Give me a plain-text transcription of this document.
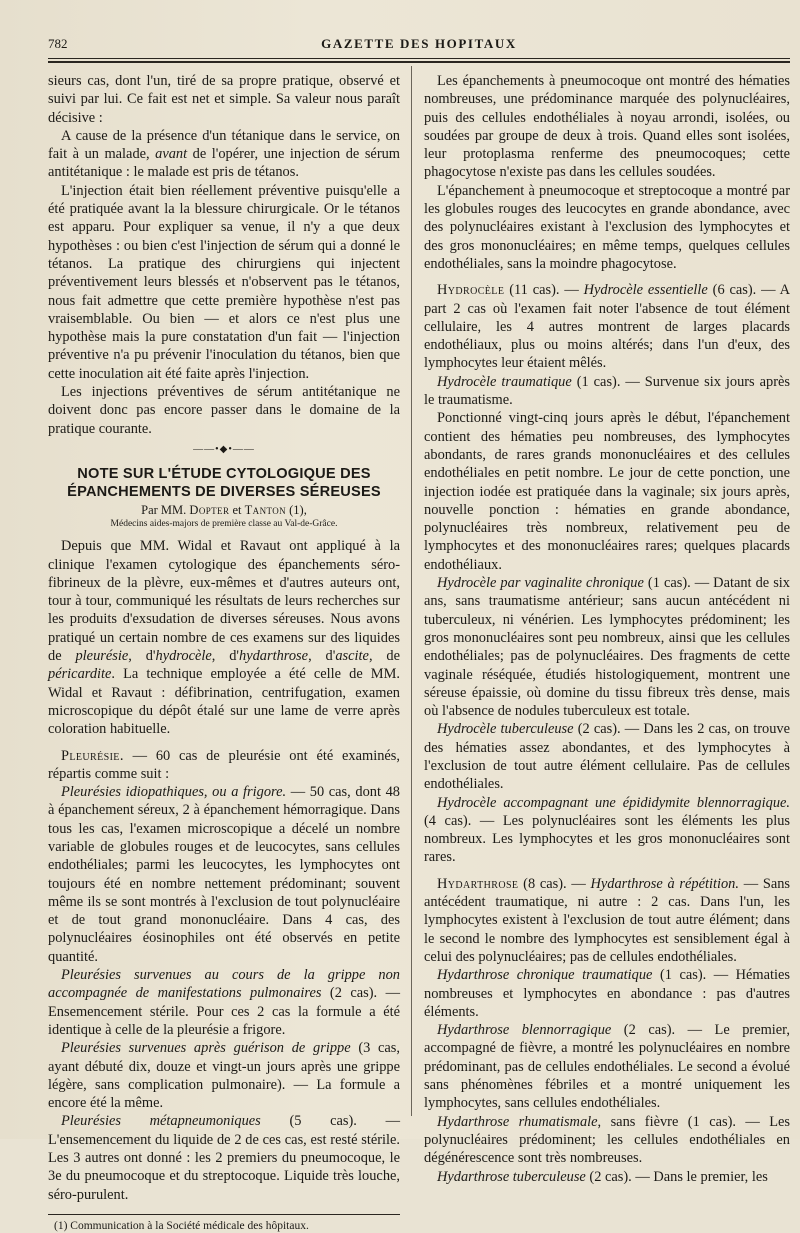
782	GAZETTE DES HOPITAUX

sieurs cas, dont l'un, tiré de sa propre pratique, observé et suivi par lui. Ce fait est net et simple. Sa valeur nous paraît décisive :

A cause de la présence d'un tétanique dans le service, on fait à un malade, avant de l'opérer, une injection de sérum antitétanique : le malade est pris de tétanos.

L'injection était bien réellement préventive puisqu'elle a été pratiquée avant la la blessure chirurgicale. Or le tétanos est apparu. Pour expliquer sa venue, il n'y a que deux hypothèses : ou bien c'est l'injection de sérum qui a donné le tétanos. La pratique des chirurgiens qui injectent préventivement leurs blessés et n'observent pas le tétanos, nous fait admettre que cette première hypothèse n'est pas vraisemblable. Ou bien — et alors ce n'est plus une hypothèse mais la pure constatation d'un fait — l'injection préventive n'a pu prévenir l'inoculation du tétanos, bien que cette inoculation ait été faite après l'injection.

Les injections préventives de sérum antitétanique ne doivent donc pas encore passer dans le domaine de la pratique courante.

——•◆•——
NOTE SUR L'ÉTUDE CYTOLOGIQUE DES ÉPANCHEMENTS DE DIVERSES SÉREUSES
Par MM. Dopter et Tanton (1),
Médecins aides-majors de première classe au Val-de-Grâce.

Depuis que MM. Widal et Ravaut ont appliqué à la clinique l'examen cytologique des épanchements séro-fibrineux de la plèvre, eux-mêmes et d'autres auteurs ont, tour à tour, communiqué les résultats de leurs recherches sur les produits d'exsudation de diverses séreuses. Nous avons pratiqué un certain nombre de ces examens sur des liquides de pleurésie, d'hydrocèle, d'hydarthrose, d'ascite, de péricardite. La technique employée a été celle de MM. Widal et Ravaut : défibrination, centrifugation, examen microscopique du dépôt étalé sur une lame de verre après coloration habituelle.

Pleurésie. — 60 cas de pleurésie ont été examinés, répartis comme suit :

Pleurésies idiopathiques, ou a frigore. — 50 cas, dont 48 à épanchement séreux, 2 à épanchement hémorragique. Dans tous les cas, l'examen microscopique a décelé un nombre variable de globules rouges et de leucocytes, sans cellules endothéliales; parmi les leucocytes, les lymphocytes ont toujours été en nombre nettement prédominant; souvent même ils se sont montrés à l'exclusion de tout polynucléaire et de tout grand mononucléaire. Dans 4 cas, des polynucléaires éosinophiles ont été observés en petite quantité.

Pleurésies survenues au cours de la grippe non accompagnée de manifestations pulmonaires (2 cas). — Ensemencement stérile. Pour ces 2 cas la formule a été identique à celle de la pleurésie a frigore.

Pleurésies survenues après guérison de grippe (3 cas, ayant débuté dix, douze et vingt-un jours après une grippe légère, sans complication pulmonaire). — La formule a encore été la même.

Pleurésies métapneumoniques (5 cas). — L'ensemencement du liquide de 2 de ces cas, est resté stérile. Les 3 autres ont donné : les 2 premiers du pneumocoque, le 3e du pneumocoque et du streptocoque. Liquide très louche, séro-purulent.

(1) Communication à la Société médicale des hôpitaux.

Les épanchements à pneumocoque ont montré des hématies nombreuses, une prédominance marquée des polynucléaires, puis des cellules endothéliales à noyau arrondi, isolées, ou soudées par groupe de deux à trois. Quand elles sont isolées, leur protoplasma renferme des pneumocoques; cette phagocytose n'existe pas dans les cellules soudées.

L'épanchement à pneumocoque et streptocoque a montré par les globules rouges des leucocytes en grande abondance, avec des polynucléaires existant à l'exclusion des lymphocytes et des gros mononucléaires; en même temps, quelques cellules endothéliales, sans la moindre phagocytose.

Hydrocèle (11 cas). — Hydrocèle essentielle (6 cas). — A part 2 cas où l'examen fait noter l'absence de tout élément cellulaire, les 4 autres montrent de larges placards endothéliaux, plus ou moins altérés; dans l'un d'eux, des lymphocytes leur étaient mêlés.

Hydrocèle traumatique (1 cas). — Survenue six jours après le traumatisme.

Ponctionné vingt-cinq jours après le début, l'épanchement contient des hématies peu nombreuses, des lymphocytes abondants, de rares grands mononucléaires et des cellules endothéliales en petit nombre. Le jour de cette ponction, une injection iodée est pratiquée dans la vaginale; six jours après, nouvelle ponction : hématies en grande abondance, polynucléaires très nombreux, relativement peu de lymphocytes et des mononucléaires rares; quelques placards endothéliaux.

Hydrocèle par vaginalite chronique (1 cas). — Datant de six ans, sans traumatisme antérieur; sans aucun antécédent ni tuberculeux, ni vénérien. Les lymphocytes prédominent; les gros mononucléaires sont peu nombreux, ainsi que les cellules endothéliales; pas de polynucléaires. Des fragments de cette vaginale réséquée, étudiés histologiquement, montrent une séreuse épaissie, où domine du tissu fibreux très dense, mais où l'absence de nodules tuberculeux est totale.

Hydrocèle tuberculeuse (2 cas). — Dans les 2 cas, on trouve des hématies assez abondantes, et des lymphocytes à l'exclusion de tout autre élément cellulaire. Pas de cellules endothéliales.

Hydrocèle accompagnant une épididymite blennorragique. (4 cas). — Les polynucléaires sont les éléments les plus nombreux. Les lymphocytes et les gros mononucléaires sont rares.

Hydarthrose (8 cas). — Hydarthrose à répétition. — Sans antécédent traumatique, ni autre : 2 cas. Dans l'un, les lymphocytes existent à l'exclusion de tout autre élément; dans le second le nombre des lymphocytes est sensiblement égal à celui des polynucléaires; pas de cellules endothéliales.

Hydarthrose chronique traumatique (1 cas). — Hématies nombreuses et lymphocytes en abondance : pas d'autres éléments.

Hydarthrose blennorragique (2 cas). — Le premier, accompagné de fièvre, a montré les polynucléaires en nombre prédominant, pas de cellules endothéliales. Le second a évolué sans phénomènes fébriles et a montré uniquement les lymphocytes, sans cellules endothéliales.

Hydarthrose rhumatismale, sans fièvre (1 cas). — Les polynucléaires prédominent; les cellules endothéliales en dégénérescence sont très nombreuses.

Hydarthrose tuberculeuse (2 cas). — Dans le premier, les
